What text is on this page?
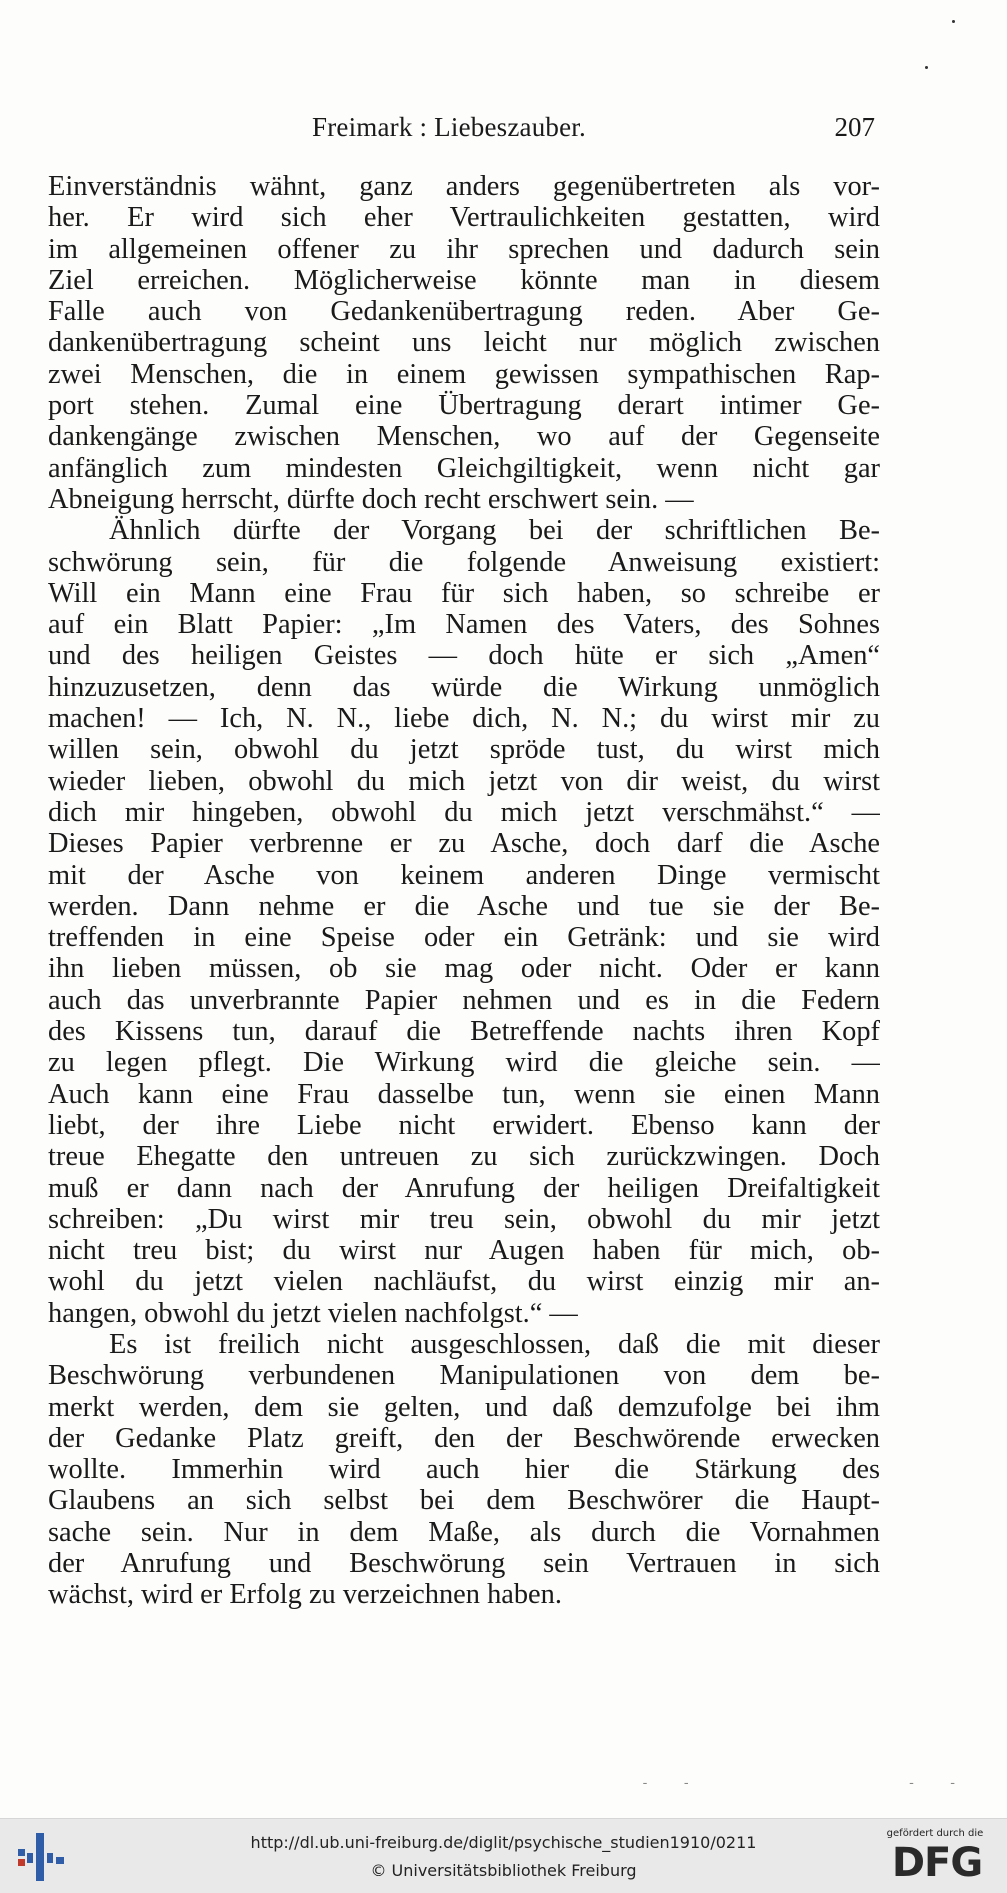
Freimark : Liebeszauber.	207
Einverständnis wähnt, ganz anders gegenübertreten als vor-
her. Er wird sich eher Vertraulichkeiten gestatten, wird
im allgemeinen offener zu ihr sprechen und dadurch sein
Ziel erreichen. Möglicherweise könnte man in diesem
Falle auch von Gedankenübertragung reden. Aber Ge-
dankenübertragung scheint uns leicht nur möglich zwischen
zwei Menschen, die in einem gewissen sympathischen Rap-
port stehen. Zumal eine Übertragung derart intimer Ge-
dankengänge zwischen Menschen, wo auf der Gegenseite
anfänglich zum mindesten Gleichgiltigkeit, wenn nicht gar
Abneigung herrscht, dürfte doch recht erschwert sein. —
Ähnlich dürfte der Vorgang bei der schriftlichen Be-
schwörung sein, für die folgende Anweisung existiert:
Will ein Mann eine Frau für sich haben, so schreibe er
auf ein Blatt Papier: „Im Namen des Vaters, des Sohnes
und des heiligen Geistes — doch hüte er sich „Amen“
hinzuzusetzen, denn das würde die Wirkung unmöglich
machen! — Ich, N. N., liebe dich, N. N.; du wirst mir zu
willen sein, obwohl du jetzt spröde tust, du wirst mich
wieder lieben, obwohl du mich jetzt von dir weist, du wirst
dich mir hingeben, obwohl du mich jetzt verschmähst.“ —
Dieses Papier verbrenne er zu Asche, doch darf die Asche
mit der Asche von keinem anderen Dinge vermischt
werden. Dann nehme er die Asche und tue sie der Be-
treffenden in eine Speise oder ein Getränk: und sie wird
ihn lieben müssen, ob sie mag oder nicht. Oder er kann
auch das unverbrannte Papier nehmen und es in die Federn
des Kissens tun, darauf die Betreffende nachts ihren Kopf
zu legen pflegt. Die Wirkung wird die gleiche sein. —
Auch kann eine Frau dasselbe tun, wenn sie einen Mann
liebt, der ihre Liebe nicht erwidert. Ebenso kann der
treue Ehegatte den untreuen zu sich zurückzwingen. Doch
muß er dann nach der Anrufung der heiligen Dreifaltigkeit
schreiben: „Du wirst mir treu sein, obwohl du mir jetzt
nicht treu bist; du wirst nur Augen haben für mich, ob-
wohl du jetzt vielen nachläufst, du wirst einzig mir an-
hangen, obwohl du jetzt vielen nachfolgst.“ —
Es ist freilich nicht ausgeschlossen, daß die mit dieser
Beschwörung verbundenen Manipulationen von dem be-
merkt werden, dem sie gelten, und daß demzufolge bei ihm
der Gedanke Platz greift, den der Beschwörende erwecken
wollte. Immerhin wird auch hier die Stärkung des
Glaubens an sich selbst bei dem Beschwörer die Haupt-
sache sein. Nur in dem Maße, als durch die Vornahmen
der Anrufung und Beschwörung sein Vertrauen in sich
wächst, wird er Erfolg zu verzeichnen haben.
- -          - -
http://dl.ub.uni-freiburg.de/diglit/psychische_studien1910/0211
© Universitätsbibliothek Freiburg
gefördert durch die
DFG
